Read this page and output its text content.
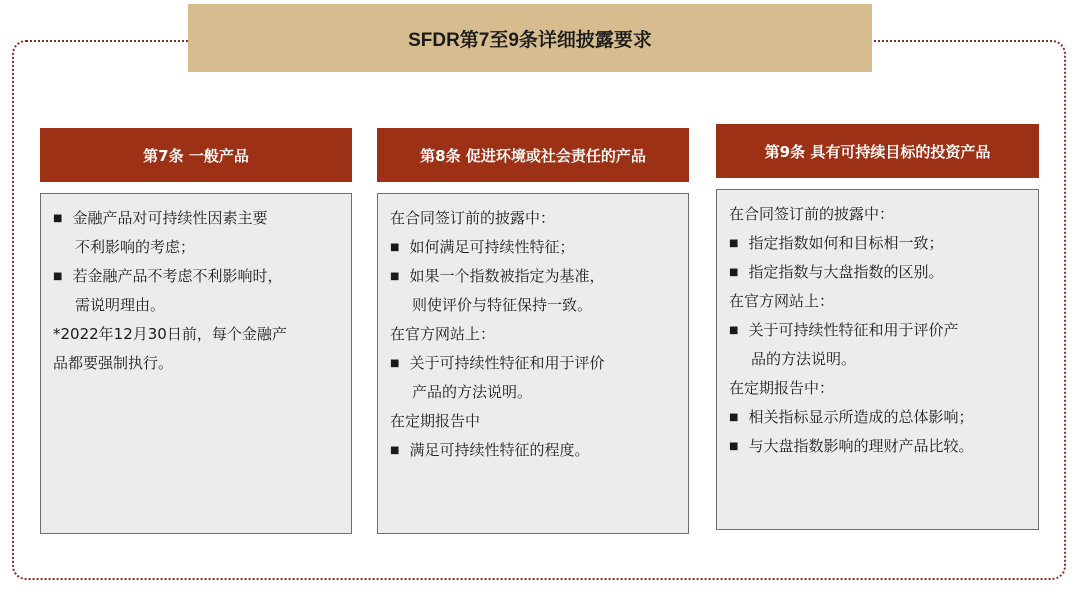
SFDR第7至9条详细披露要求
第7条 一般产品
■ 金融产品对可持续性因素主要
不利影响的考虑；
■ 若金融产品不考虑不利影响时，
需说明理由。
*2022年12月30日前，每个金融产
品都要强制执行。
第8条 促进环境或社会责任的产品
在合同签订前的披露中：
■ 如何满足可持续性特征；
■ 如果一个指数被指定为基准，
则使评价与特征保持一致。
在官方网站上：
■ 关于可持续性特征和用于评价
产品的方法说明。
在定期报告中
■ 满足可持续性特征的程度。
第9条 具有可持续目标的投资产品
在合同签订前的披露中：
■ 指定指数如何和目标相一致；
■ 指定指数与大盘指数的区别。
在官方网站上：
■ 关于可持续性特征和用于评价产
品的方法说明。
在定期报告中：
■ 相关指标显示所造成的总体影响；
■ 与大盘指数影响的理财产品比较。
